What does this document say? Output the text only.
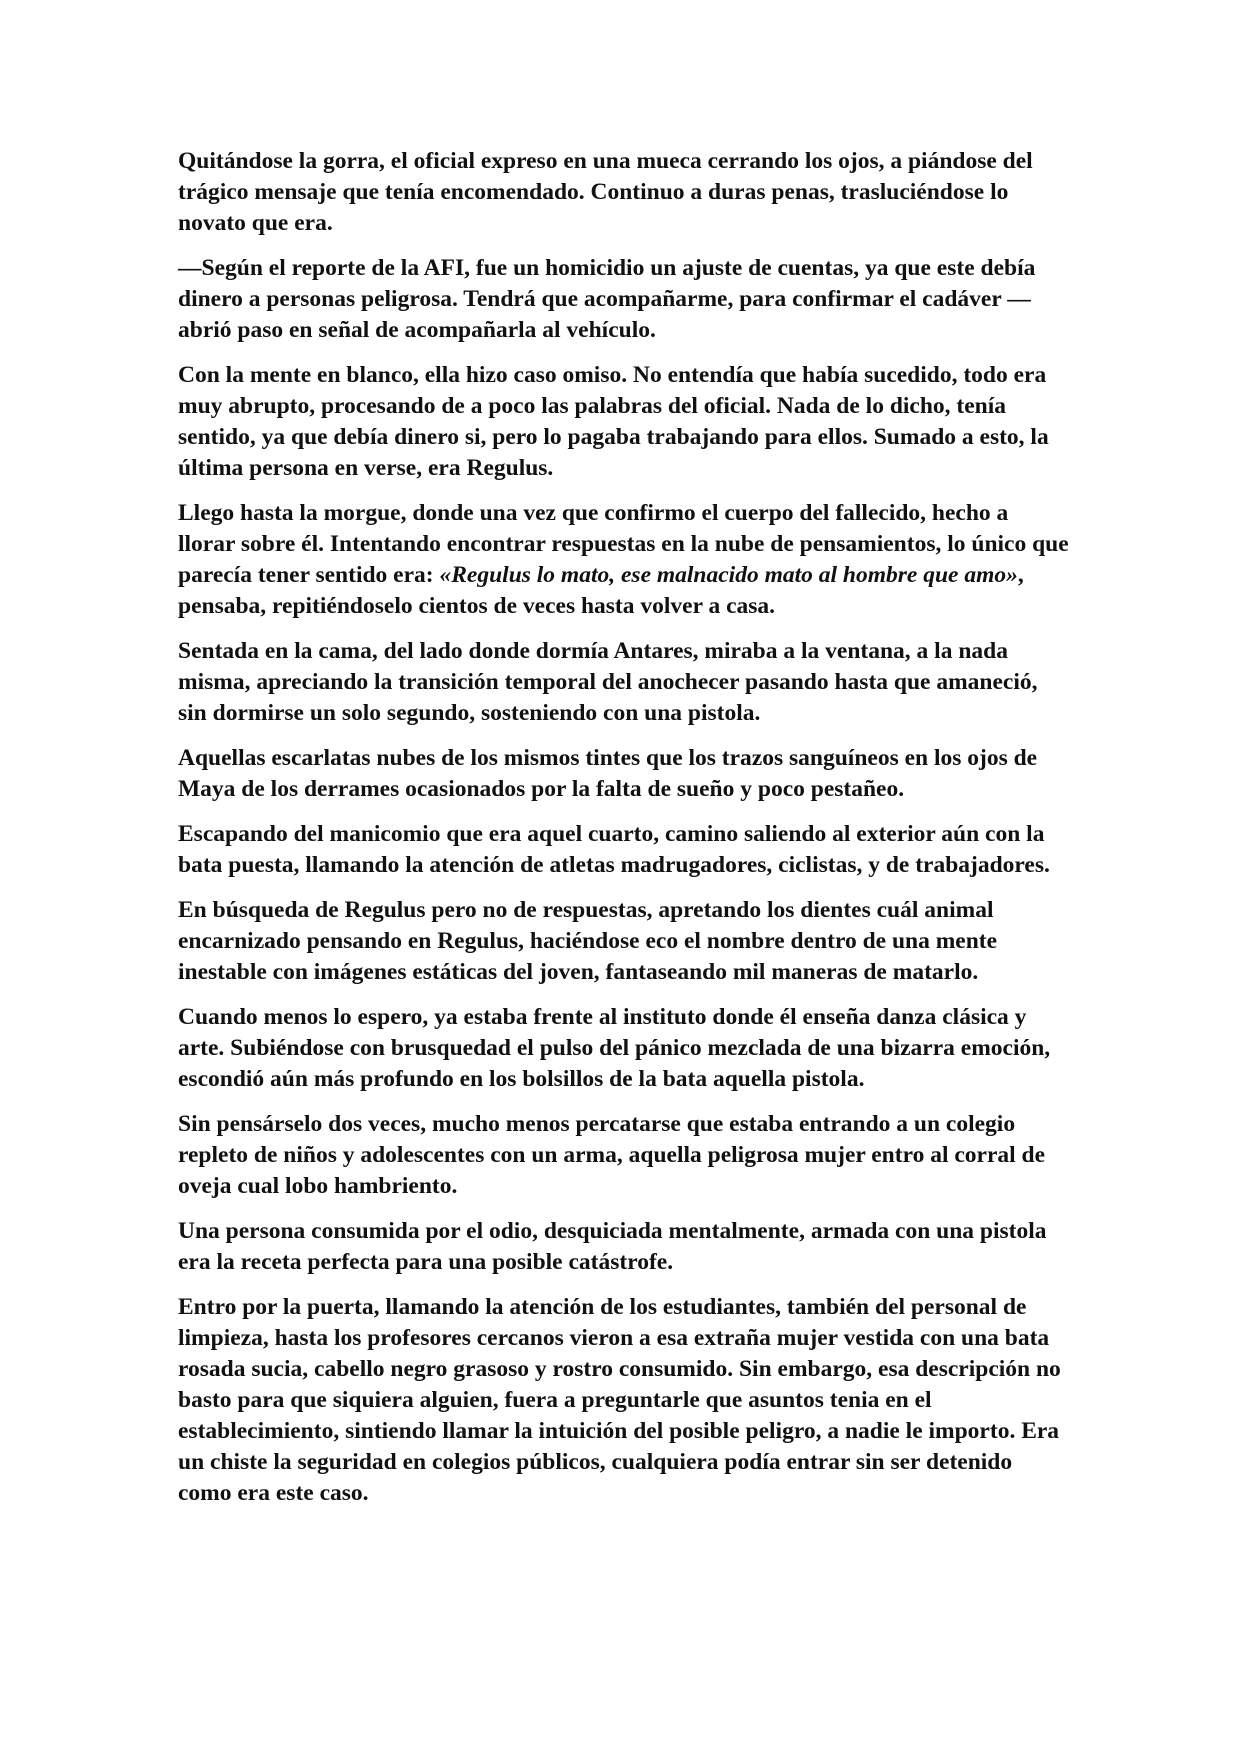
Quitándose la gorra, el oficial expreso en una mueca cerrando los ojos, a piándose del trágico mensaje que tenía encomendado. Continuo a duras penas, trasluciéndose lo novato que era.

—Según el reporte de la AFI, fue un homicidio un ajuste de cuentas, ya que este debía dinero a personas peligrosa. Tendrá que acompañarme, para confirmar el cadáver —abrió paso en señal de acompañarla al vehículo.

Con la mente en blanco, ella hizo caso omiso. No entendía que había sucedido, todo era muy abrupto, procesando de a poco las palabras del oficial. Nada de lo dicho, tenía sentido, ya que debía dinero si, pero lo pagaba trabajando para ellos. Sumado a esto, la última persona en verse, era Regulus.

Llego hasta la morgue, donde una vez que confirmo el cuerpo del fallecido, hecho a llorar sobre él. Intentando encontrar respuestas en la nube de pensamientos, lo único que parecía tener sentido era: «Regulus lo mato, ese malnacido mato al hombre que amo», pensaba, repitiéndoselo cientos de veces hasta volver a casa.

Sentada en la cama, del lado donde dormía Antares, miraba a la ventana, a la nada misma, apreciando la transición temporal del anochecer pasando hasta que amaneció, sin dormirse un solo segundo, sosteniendo con una pistola.

Aquellas escarlatas nubes de los mismos tintes que los trazos sanguíneos en los ojos de Maya de los derrames ocasionados por la falta de sueño y poco pestañeo.

Escapando del manicomio que era aquel cuarto, camino saliendo al exterior aún con la bata puesta, llamando la atención de atletas madrugadores, ciclistas, y de trabajadores.

En búsqueda de Regulus pero no de respuestas, apretando los dientes cuál animal encarnizado pensando en Regulus, haciéndose eco el nombre dentro de una mente inestable con imágenes estáticas del joven, fantaseando mil maneras de matarlo.

Cuando menos lo espero, ya estaba frente al instituto donde él enseña danza clásica y arte. Subiéndose con brusquedad el pulso del pánico mezclada de una bizarra emoción, escondió aún más profundo en los bolsillos de la bata aquella pistola.

Sin pensárselo dos veces, mucho menos percatarse que estaba entrando a un colegio repleto de niños y adolescentes con un arma, aquella peligrosa mujer entro al corral de oveja cual lobo hambriento.

Una persona consumida por el odio, desquiciada mentalmente, armada con una pistola era la receta perfecta para una posible catástrofe.

Entro por la puerta, llamando la atención de los estudiantes, también del personal de limpieza, hasta los profesores cercanos vieron a esa extraña mujer vestida con una bata rosada sucia, cabello negro grasoso y rostro consumido. Sin embargo, esa descripción no basto para que siquiera alguien, fuera a preguntarle que asuntos tenia en el establecimiento, sintiendo llamar la intuición del posible peligro, a nadie le importo. Era un chiste la seguridad en colegios públicos, cualquiera podía entrar sin ser detenido como era este caso.
